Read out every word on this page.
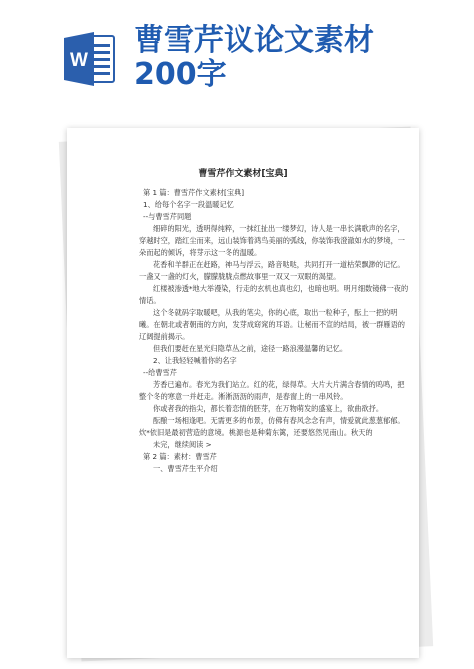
W
曹雪芹议论文素材
200字
曹雪芹作文素材[宝典]

第 1 篇：曹雪芹作文素材[宝典]

1、给每个名字一段温暖记忆

--与曹雪芹同题

细碎的阳光，透明得纯粹，一抹红扯出一缕梦幻，诗人是一串长满歌声的名字，穿越时空，踏红尘而来，远山装饰着鸿鸟美丽的弧线，你装饰我澄澈如水的梦境，一朵而起的倾诉，将芽示这一冬的温暖。

花香和羊群正在赶路，神马与浮云，路音哒哒，共同打开一道枯荣飘渺的记忆。一盏又一盏的灯火，朦朦胧胧点燃故事里一双又一双眼的渴望。

红楼被渗透*地大举漫染，行走的玄机也真也幻，也暗也明。明月细数镜佛一夜的情话。

这个冬就码字取暖吧，从我的笔尖，你的心底，取出一粒种子，酝上一把的明曦。在朝北或者朝南的方向，发芽成窈窕的耳语。让秘而不宣的结局，被一群雁语的辽阔提前揭示。

但我们要赶在星光归隐草丛之前，途径一路浪漫温馨的记忆。

2、让我轻轻喊着你的名字

--给曹雪芹

芳香已遍布。春光为我们站立。红的花，绿得草。大片大片满含春情的呜鸣，把整个冬的寒意一并赶走。淅淅沥沥的雨声，是春窗上的一串风铃。

你或者我的指尖，都长着恋情的胚芽，在万物萌发的盛宴上，欲曲欲抒。

酝酿一场相逢吧。无需更多的布景，仿佛有春风念念有声，情爱就此葱葱郁郁。炊*依旧是最初营造的意境。桃源也是种菊东篱，还要悠然见南山。秋天的

未完，继续阅读 >

第 2 篇：素材：曹雪芹

一、曹雪芹生平介绍
